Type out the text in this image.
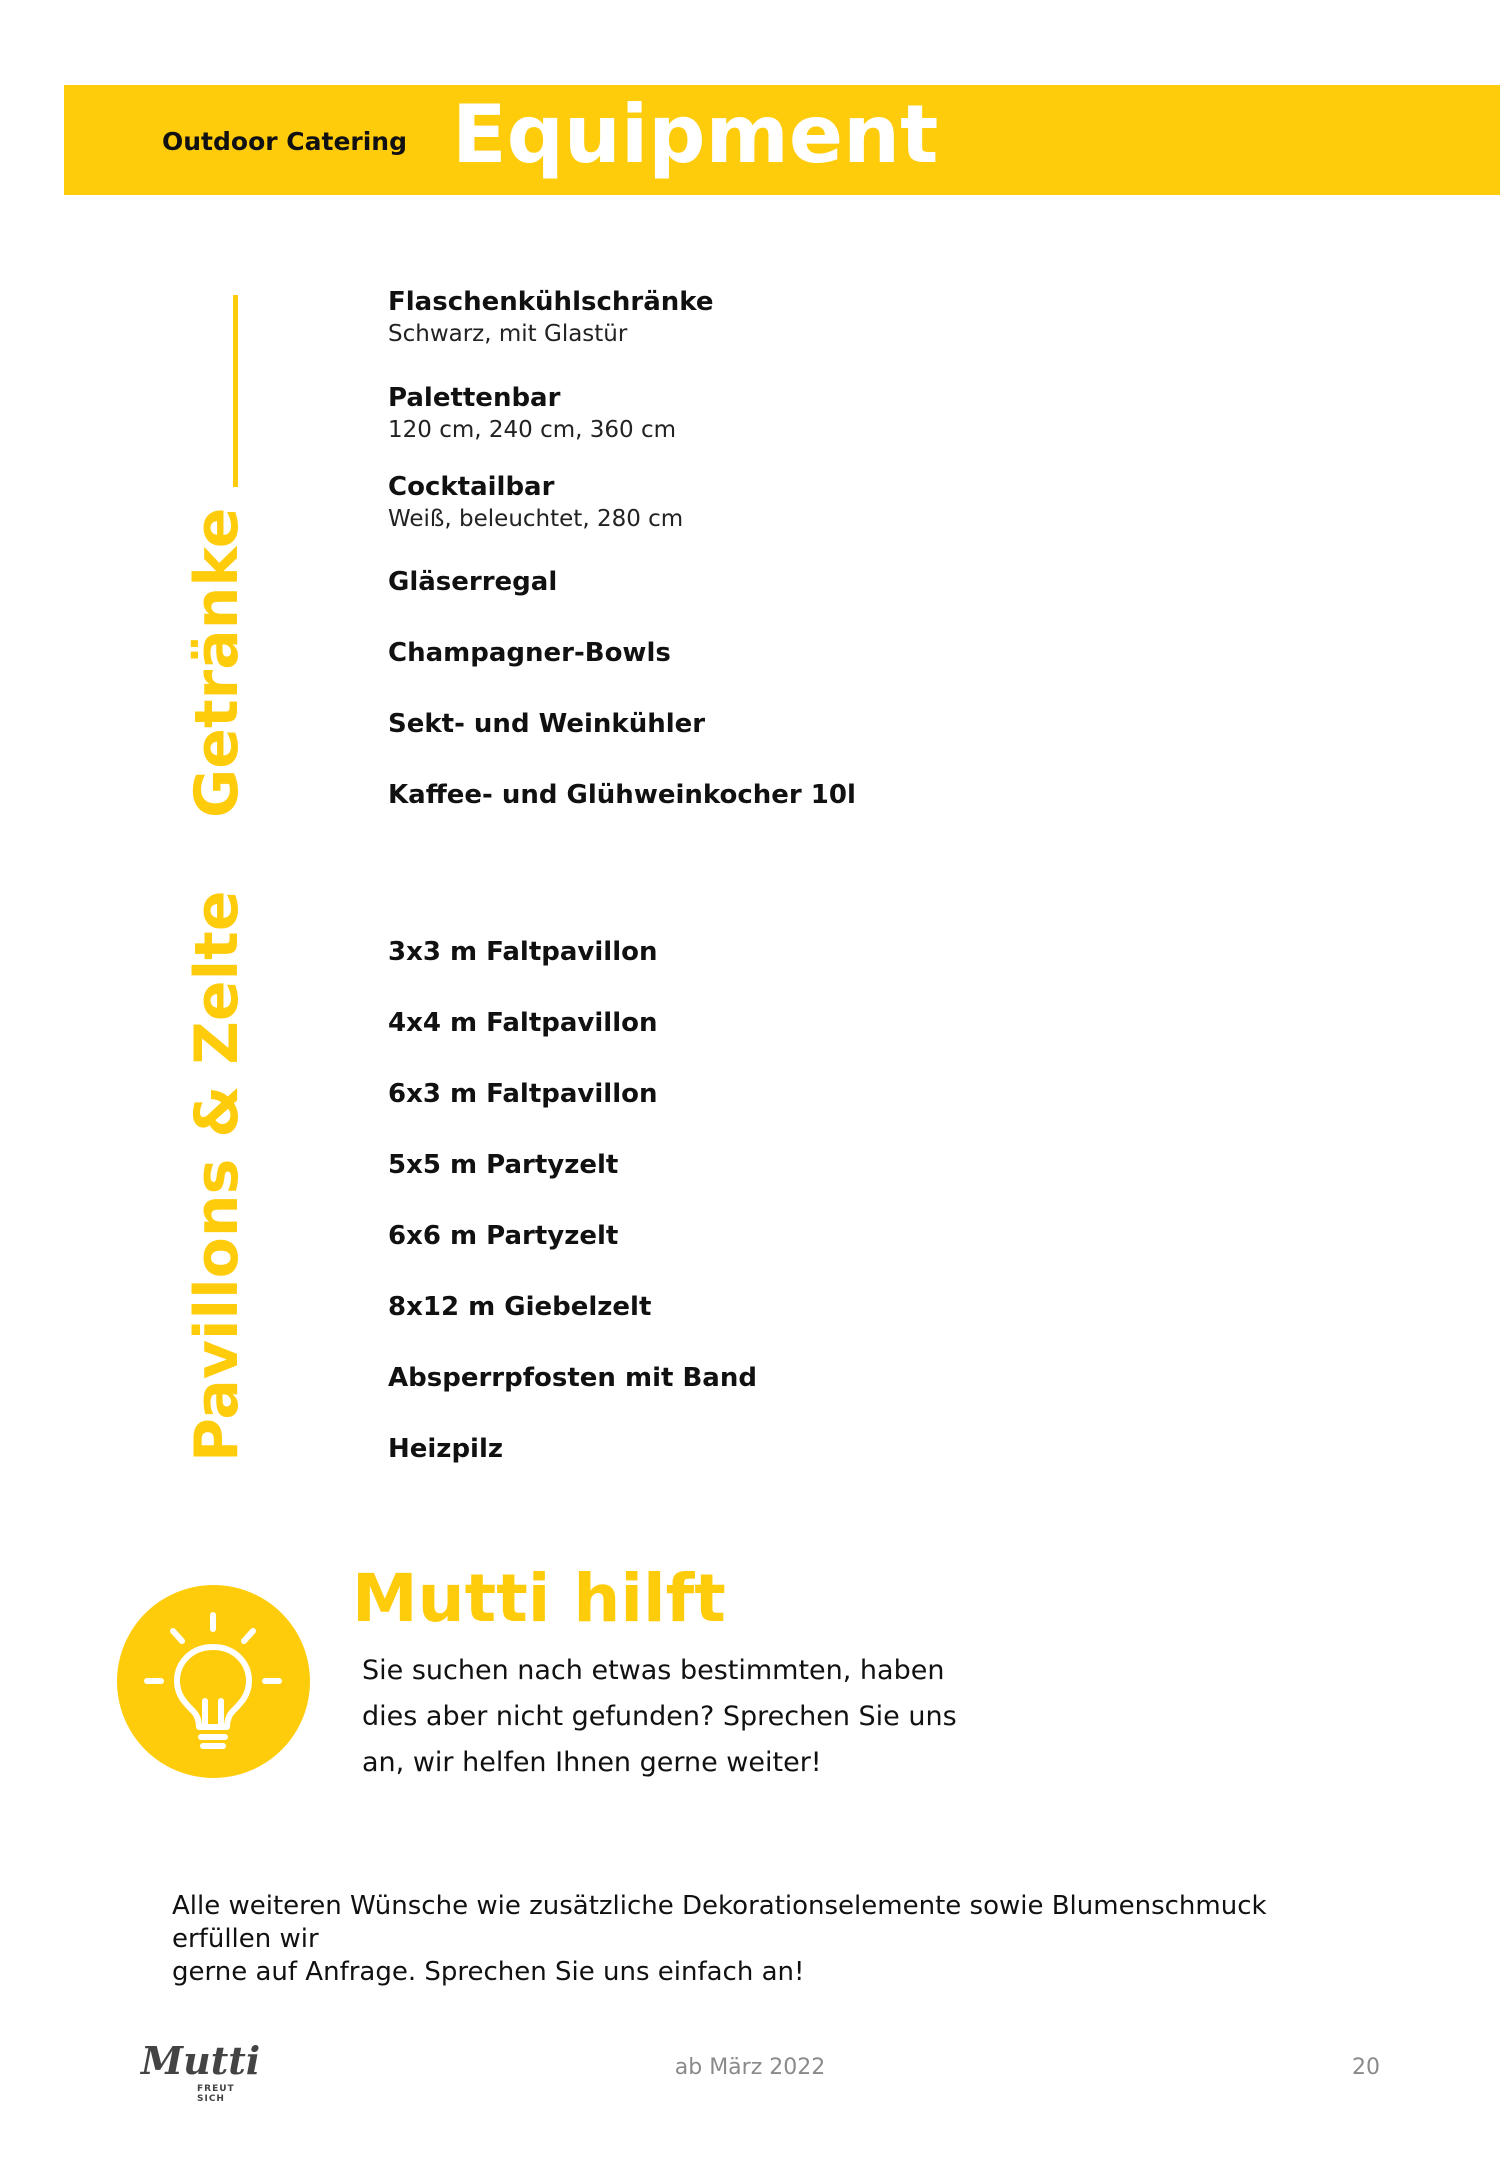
Outdoor Catering Equipment
Getränke
Flaschenkühlschränke
Schwarz, mit Glastür
Palettenbar
120 cm, 240 cm, 360 cm
Cocktailbar
Weiß, beleuchtet, 280 cm
Gläserregal
Champagner-Bowls
Sekt- und Weinkühler
Kaffee- und Glühweinkocher 10l
Pavillons & Zelte	3x3 m Faltpavillon
4x4 m Faltpavillon
6x3 m Faltpavillon
5x5 m Partyzelt
6x6 m Partyzelt
8x12 m Giebelzelt
Absperrpfosten mit Band
Heizpilz
Mutti hilft
Sie suchen nach etwas bestimmten, haben
dies aber nicht gefunden? Sprechen Sie uns
an, wir helfen Ihnen gerne weiter!
Alle weiteren Wünsche wie zusätzliche Dekorationselemente sowie Blumenschmuck erfüllen wir
gerne auf Anfrage. Sprechen Sie uns einfach an!
Mutti
FREUT SICH
ab März 2022	20
